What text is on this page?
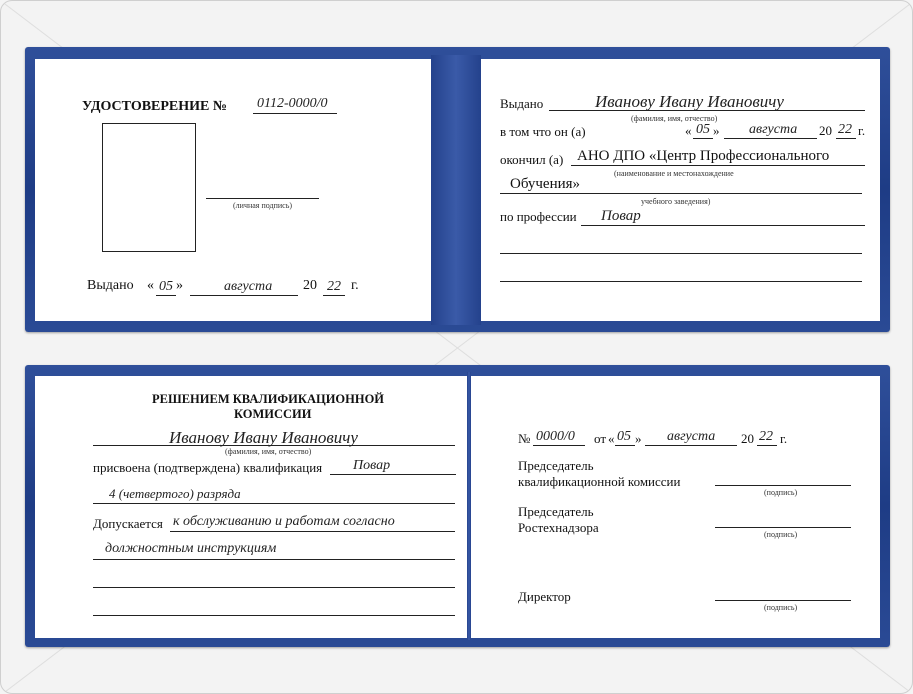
УДОСТОВЕРЕНИЕ № 0112-0000/0
(личная подпись)
Выдано « 05 »	августа 20 22 г.
Выдано	Иванову Ивану Ивановичу
(фамилия, имя, отчество)
в том что он (а)	« 05 » августа 20 22 г.
окончил (а) АНО ДПО «Центр Профессионального
(наименование и местонахождение
Обучения»
учебного заведения)
по профессии Повар
РЕШЕНИЕМ КВАЛИФИКАЦИОННОЙ
КОМИССИИ
Иванову Ивану Ивановичу
(фамилия, имя, отчество)
присвоена (подтверждена) квалификация Повар
4 (четвертого) разряда
Допускается к обслуживанию и работам согласно
должностным инструкциям
№ 0000/0 от « 05 » августа 20 22 г.
Председатель
квалификационной комиссии
(подпись)
Председатель
Ростехнадзора	(подпись)
Директор
(подпись)
